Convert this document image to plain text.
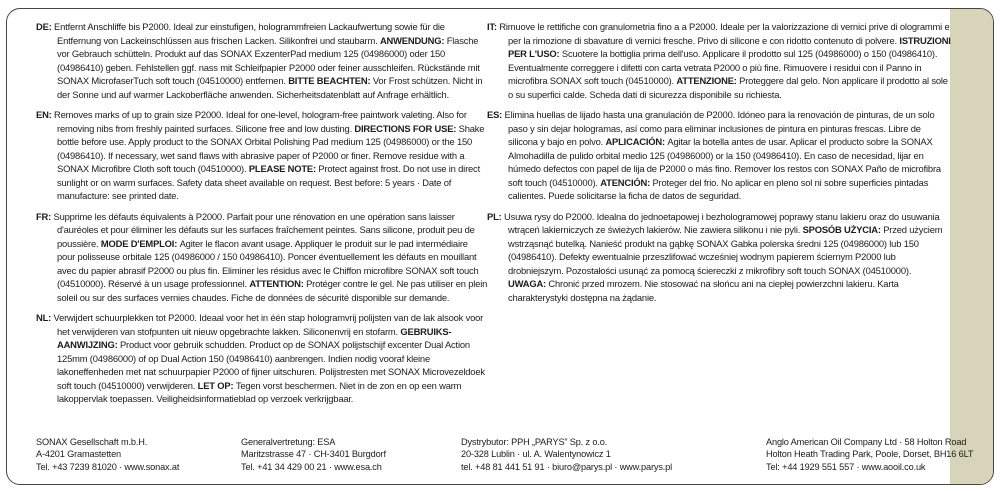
DE: Entfernt Anschliffe bis P2000. Ideal zur einstufigen, hologrammfreien Lackaufwertung sowie für die Entfernung von Lackeinschlüssen aus frischen Lacken. Silikonfrei und staubarm. ANWENDUNG: Flasche vor Gebrauch schütteln. Produkt auf das SONAX ExzenterPad medium 125 (04986000) oder 150 (04986410) geben. Fehlstellen ggf. nass mit Schleifpapier P2000 oder feiner ausschleifen. Rückstände mit SONAX MicrofaserTuch soft touch (04510000) entfernen. BITTE BEACHTEN: Vor Frost schützen. Nicht in der Sonne und auf warmer Lackoberfläche anwenden. Sicherheitsdatenblatt auf Anfrage erhältlich.
EN: Removes marks of up to grain size P2000. Ideal for one-level, hologram-free paintwork valeting. Also for removing nibs from freshly painted surfaces. Silicone free and low dusting. DIRECTIONS FOR USE: Shake bottle before use. Apply product to the SONAX Orbital Polishing Pad medium 125 (04986000) or the 150 (04986410). If necessary, wet sand flaws with abrasive paper of P2000 or finer. Remove residue with a SONAX Microfibre Cloth soft touch (04510000). PLEASE NOTE: Protect against frost. Do not use in direct sunlight or on warm surfaces. Safety data sheet available on request. Best before: 5 years · Date of manufacture: see printed date.
FR: Supprime les défauts équivalents à P2000. Parfait pour une rénovation en une opération sans laisser d'auréoles et pour éliminer les défauts sur les surfaces fraîchement peintes. Sans silicone, produit peu de poussière. MODE D'EMPLOI: Agiter le flacon avant usage. Appliquer le produit sur le pad intermédiaire pour polisseuse orbitale 125 (04986000 / 150 04986410). Poncer éventuellement les défauts en mouillant avec du papier abrasif P2000 ou plus fin. Eliminer les résidus avec le Chiffon microfibre SONAX soft touch (04510000). Réservé à un usage professionnel. ATTENTION: Protéger contre le gel. Ne pas utiliser en plein soleil ou sur des surfaces vernies chaudes. Fiche de données de sécurité disponible sur demande.
NL: Verwijdert schuurplekken tot P2000. Ideaal voor het in één stap hologramvrij polijsten van de lak alsook voor het verwijderen van stofpunten uit nieuw opgebrachte lakken. Siliconenvrij en stofarm. GEBRUIKS-AANWIJZING: Product voor gebruik schudden. Product op de SONAX polijstschijf excenter Dual Action 125mm (04986000) of op Dual Action 150 (04986410) aanbrengen. Indien nodig vooraf kleine lakoneffenheden met nat schuurpapier P2000 of fijner uitschuren. Polijstresten met SONAX Microvezeldoek soft touch (04510000) verwijderen. LET OP: Tegen vorst beschermen. Niet in de zon en op een warm lakoppervlak toepassen. Veiligheidsinformatieblad op verzoek verkrijgbaar.
IT: Rimuove le rettifiche con granulometria fino a a P2000. Ideale per la valorizzazione di vernici prive di ologrammi e per la rimozione di sbavature di vernici fresche. Privo di silicone e con ridotto contenuto di polvere. ISTRUZIONI PER L'USO: Scuotere la bottiglia prima dell'uso. Applicare il prodotto sul 125 (04986000) o 150 (04986410). Eventualmente correggere i difetti con carta vetrata P2000 o più fine. Rimuovere i residui con il Panno in microfibra SONAX soft touch (04510000). ATTENZIONE: Proteggere dal gelo. Non applicare il prodotto al sole o su superfici calde. Scheda dati di sicurezza disponibile su richiesta.
ES: Elimina huellas de lijado hasta una granulación de P2000. Idóneo para la renovación de pinturas, de un solo paso y sin dejar hologramas, así como para eliminar inclusiones de pintura en pinturas frescas. Libre de silicona y bajo en polvo. APLICACIÓN: Agitar la botella antes de usar. Aplicar el producto sobre la SONAX Almohadilla de pulido orbital medio 125 (04986000) or la 150 (04986410). En caso de necesidad, lijar en húmedo defectos con papel de lija de P2000 o más fino. Remover los restos con SONAX Paño de microfibra soft touch (04510000). ATENCIÓN: Proteger del frio. No aplicar en pleno sol ni sobre superficies pintadas calientes. Puede solicitarse la ficha de datos de seguridad.
PL: Usuwa rysy do P2000. Idealna do jednoetapowej i bezhologramowej poprawy stanu lakieru oraz do usuwania wtrąceń lakierniczych ze świeżych lakierów. Nie zawiera silikonu i nie pyli. SPOSÓB UŻYCIA: Przed użyciem wstrząsnąć butelką. Nanieść produkt na gąbkę SONAX Gabka polerska średni 125 (04986000) lub 150 (04986410). Defekty ewentualnie przeszlifować wcześniej wodnym papierem ściernym P2000 lub drobniejszym. Pozostałości usunąć za pomocą ściereczki z mikrofibry soft touch SONAX (04510000). UWAGA: Chronić przed mrozem. Nie stosować na słońcu ani na ciepłej powierzchni lakieru. Karta charakterystyki dostępna na żądanie.
SONAX Gesellschaft m.b.H.
A-4201 Gramastetten
Tel. +43 7239 81020 · www.sonax.at
Generalvertretung: ESA
Maritzstrasse 47 · CH-3401 Burgdorf
Tel. +41 34 429 00 21 · www.esa.ch
Dystrybutor: PPH „PARYS” Sp. z o.o.
20-328 Lublin · ul. A. Walentynowicz 1
tel. +48 81 441 51 91 · biuro@parys.pl · www.parys.pl
Anglo American Oil Company Ltd · 58 Holton Road
Holton Heath Trading Park, Poole, Dorset, BH16 6LT
Tel: +44 1929 551 557 · www.aooil.co.uk
